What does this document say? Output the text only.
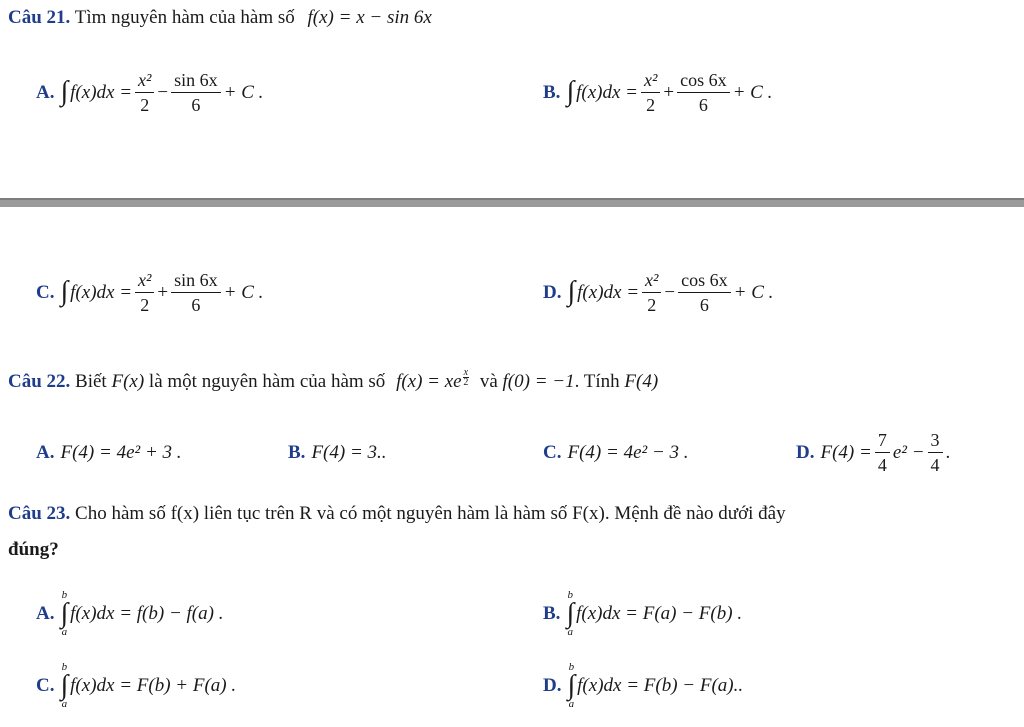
Câu 21. Tìm nguyên hàm của hàm số f(x) = x − sin 6x
A. ∫ $f(x)dx = \frac{\text{x²}}{2} - \frac{\sin 6x}{6} + C$ .	B. ∫ $f(x)dx = \frac{\text{x²}}{2} + \frac{\cos 6x}{6} + C$ .
C. ∫ $f(x)dx = \frac{\text{x²}}{2} + \frac{\sin 6x}{6} + C$ .	D. ∫ $f(x)dx = \frac{\text{x²}}{2} - \frac{\cos 6x}{6} + C$ .
Câu 22. Biết F(x) là một nguyên hàm của hàm số f(x) = xe $\frac{x}{2}$ và f(0) = −1. Tính F(4)
A. F(4) = 4e² + 3 .	B. F(4) = 3..	C. F(4) = 4e² − 3 .	D. $F(4) = \frac{7}{4} e^2 - \frac{3}{4}$ .
Câu 23. Cho hàm số f(x) liên tục trên R và có một nguyên hàm là hàm số F(x). Mệnh đề nào dưới đây
đúng?
A.
b
∫
a
f(x)dx = f(b) − f(a) .	B.
b
∫
a
f(x)dx = F(a) − F(b) .
C.
b
∫
a
f(x)dx = F(b) + F(a) .	D.
b
∫
a
f(x)dx = F(b) − F(a)..
